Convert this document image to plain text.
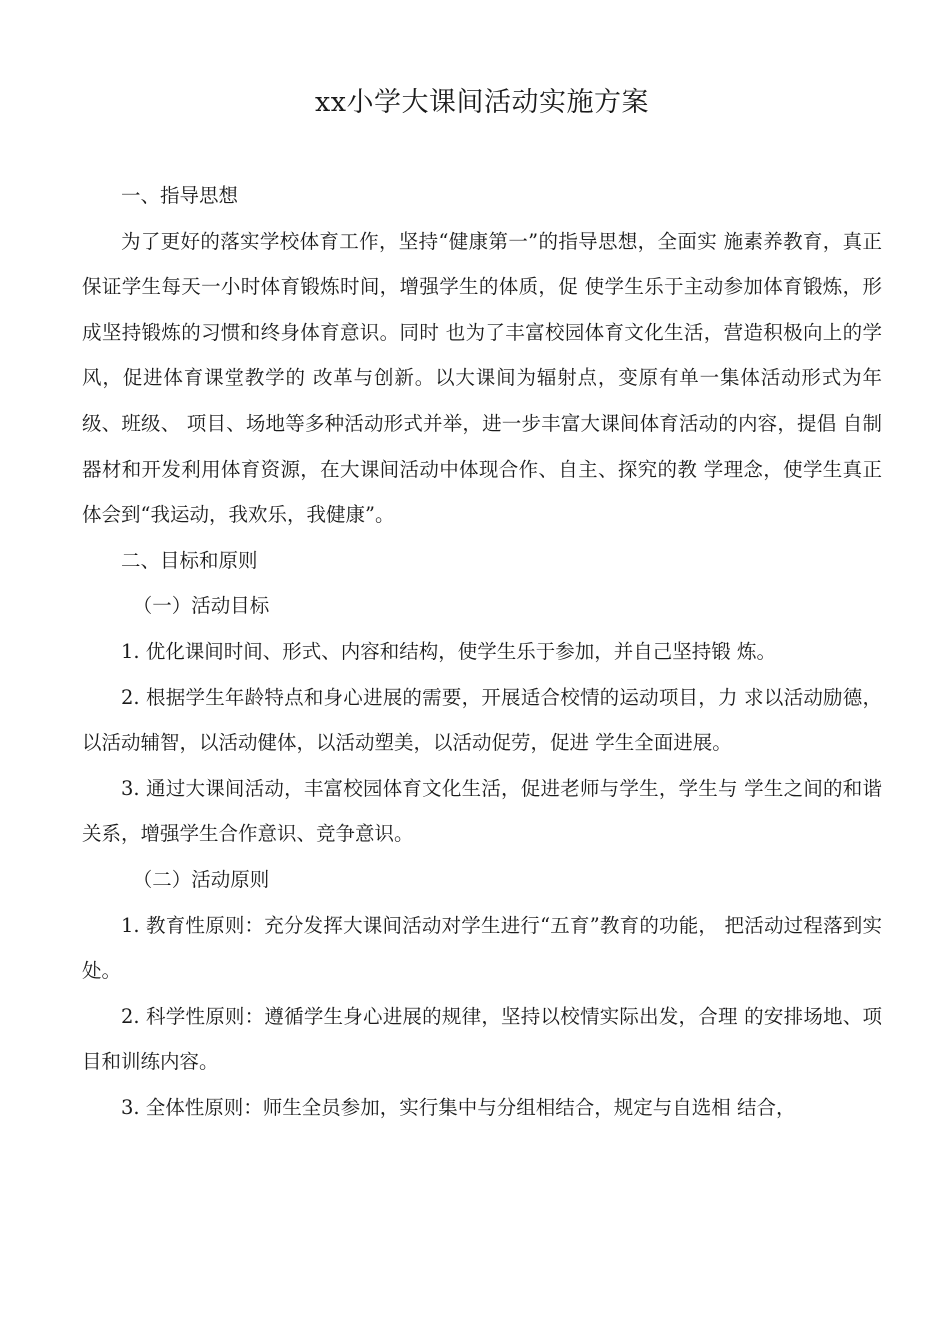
xx小学大课间活动实施方案

一、指导思想

为了更好的落实学校体育工作，坚持“健康第一”的指导思想，全面实 施素养教育，真正保证学生每天一小时体育锻炼时间，增强学生的体质，促 使学生乐于主动参加体育锻炼，形成坚持锻炼的习惯和终身体育意识。同时 也为了丰富校园体育文化生活，营造积极向上的学风，促进体育课堂教学的 改革与创新。以大课间为辐射点，变原有单一集体活动形式为年级、班级、 项目、场地等多种活动形式并举，进一步丰富大课间体育活动的内容，提倡 自制器材和开发利用体育资源，在大课间活动中体现合作、自主、探究的教 学理念，使学生真正体会到“我运动，我欢乐，我健康”。

二、目标和原则

（一）活动目标

1. 优化课间时间、形式、内容和结构，使学生乐于参加，并自己坚持锻 炼。

2. 根据学生年龄特点和身心进展的需要，开展适合校情的运动项目，力 求以活动励德，以活动辅智，以活动健体，以活动塑美，以活动促劳，促进 学生全面进展。

3. 通过大课间活动，丰富校园体育文化生活，促进老师与学生，学生与 学生之间的和谐关系，增强学生合作意识、竞争意识。

（二）活动原则

1. 教育性原则：充分发挥大课间活动对学生进行“五育”教育的功能， 把活动过程落到实处。

2. 科学性原则：遵循学生身心进展的规律，坚持以校情实际出发，合理 的安排场地、项目和训练内容。

3. 全体性原则：师生全员参加，实行集中与分组相结合，规定与自选相 结合，
